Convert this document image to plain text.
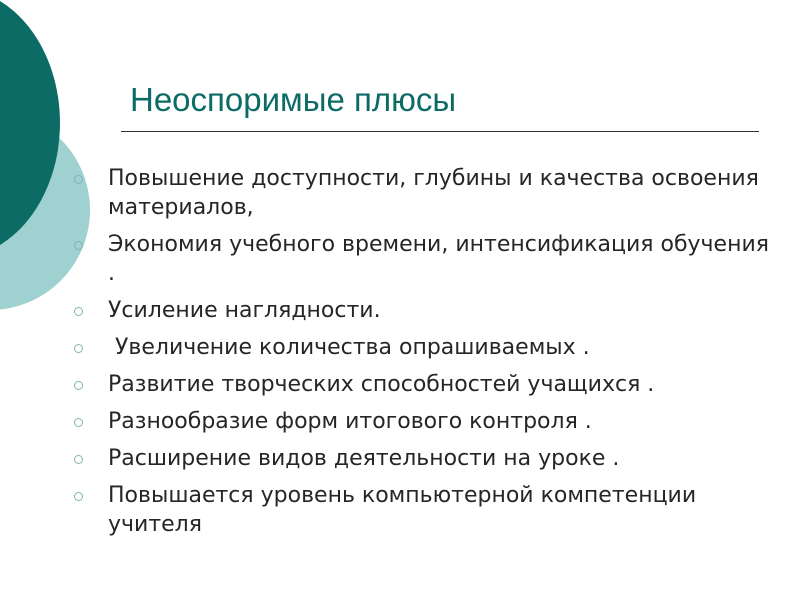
Неоспоримые плюсы
Повышение доступности, глубины и качества освоения материалов,
Экономия учебного времени, интенсификация обучения .
Усиление наглядности.
Увеличение количества опрашиваемых .
Развитие творческих способностей учащихся .
Разнообразие форм итогового контроля .
Расширение видов деятельности на уроке .
Повышается уровень компьютерной компетенции учителя
